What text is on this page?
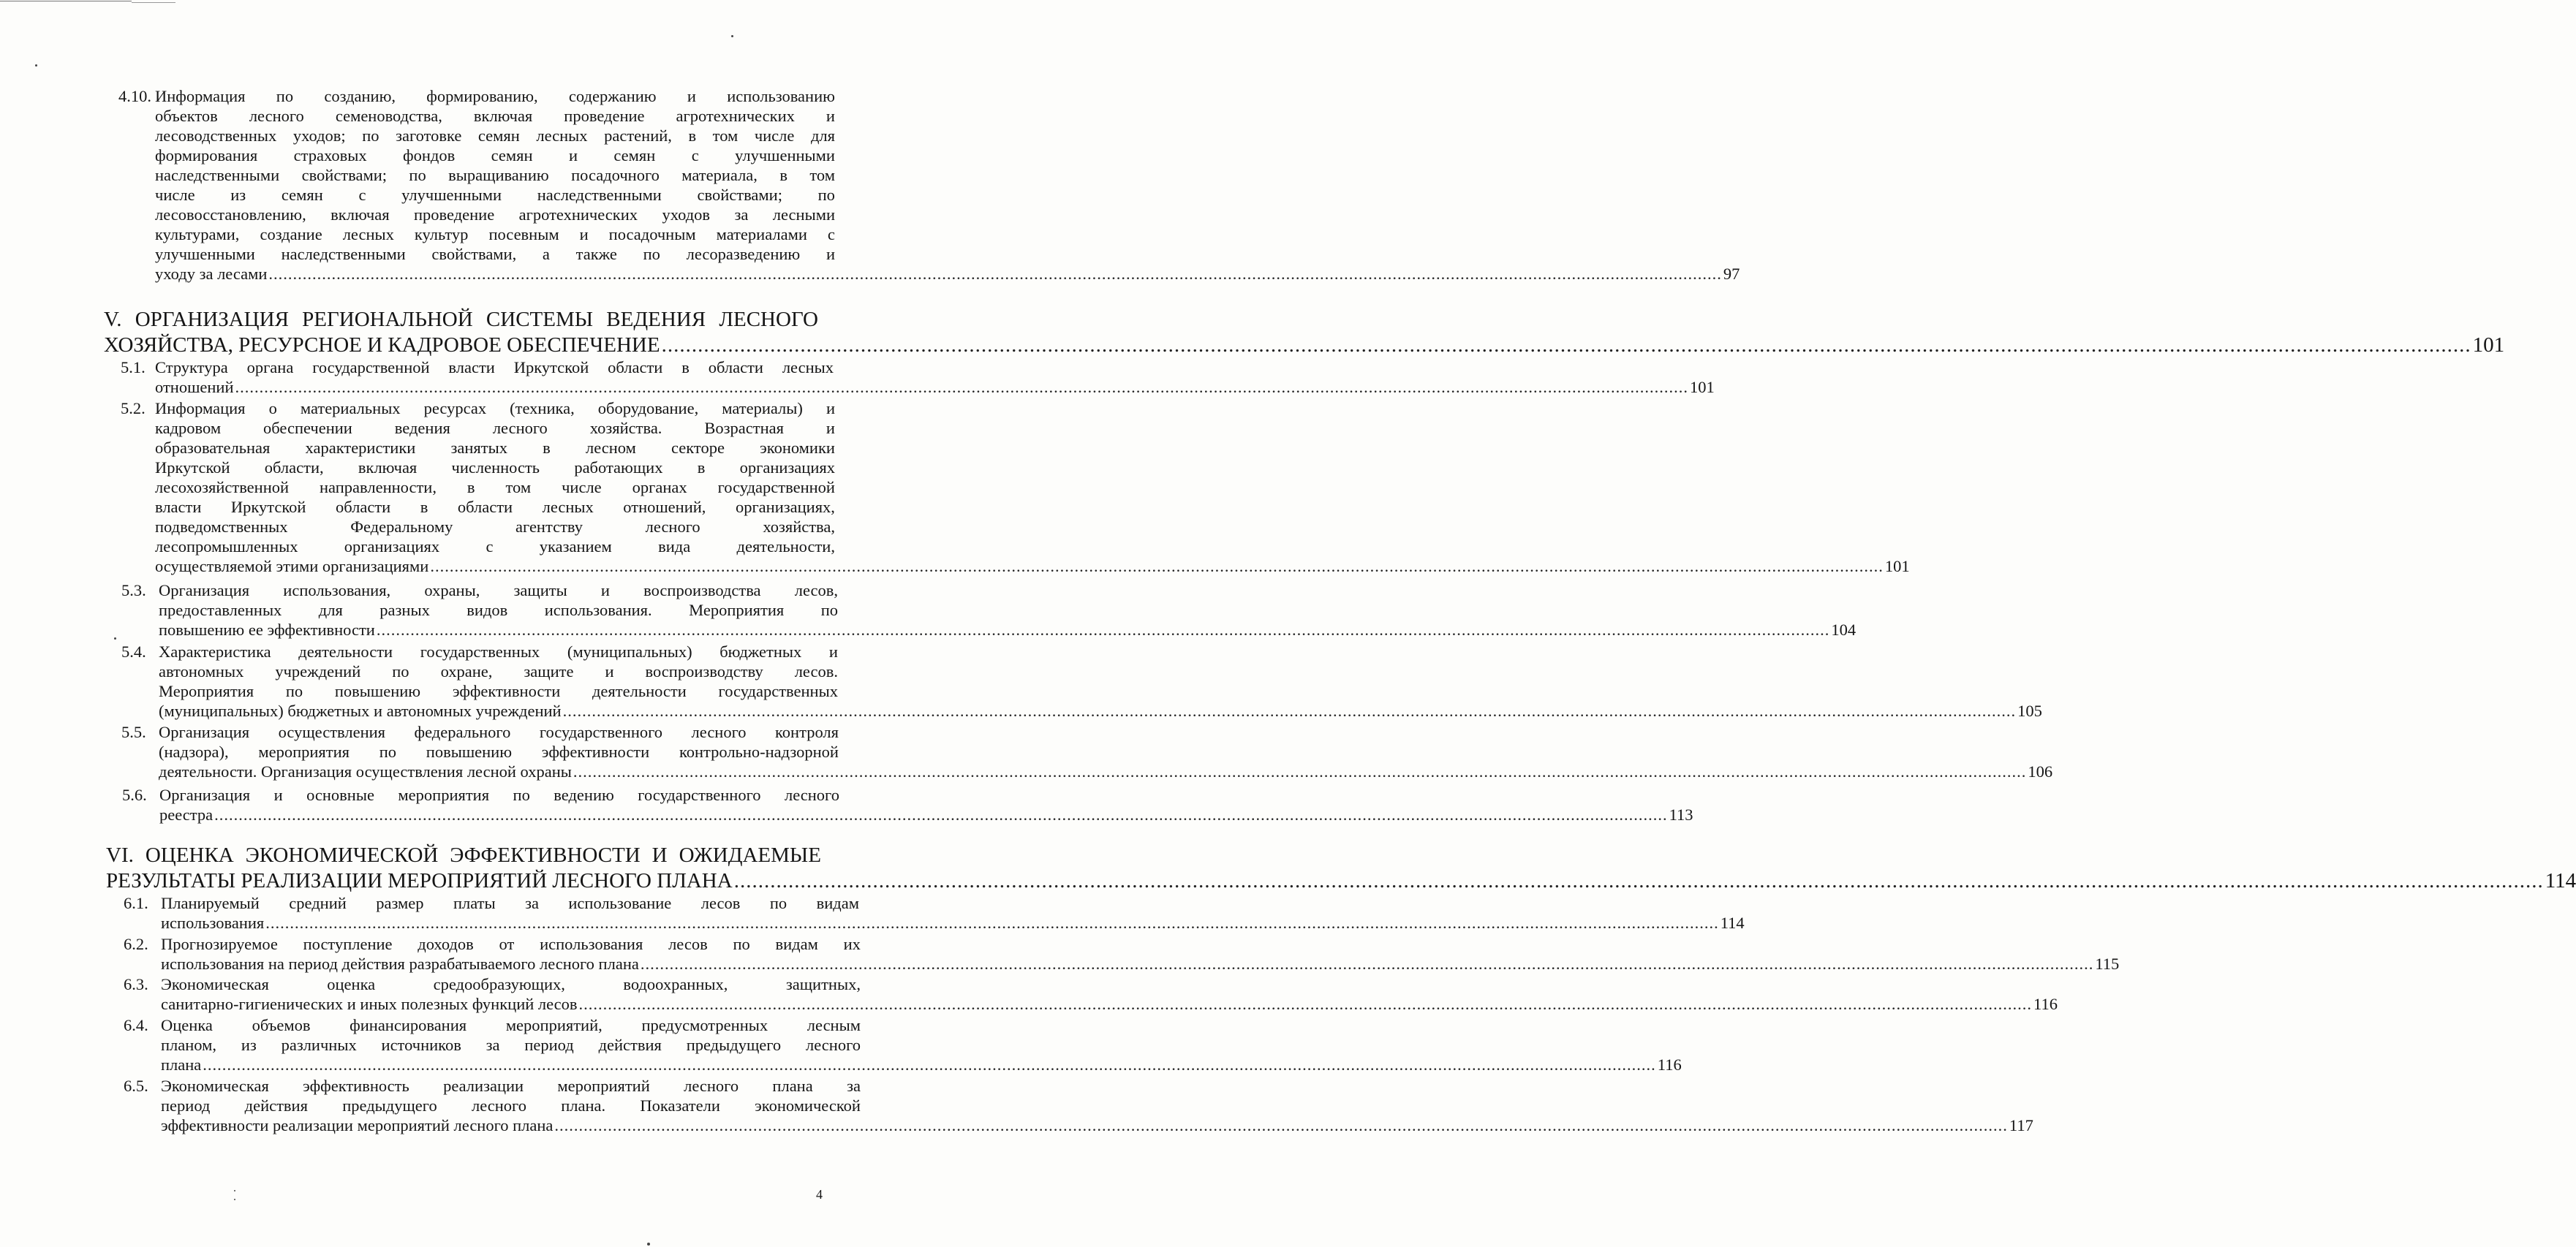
4.10. Информация по созданию, формированию, содержанию и использованию
объектов лесного семеноводства, включая проведение агротехнических и
лесоводственных уходов; по заготовке семян лесных растений, в том числе для
формирования страховых фондов семян и семян с улучшенными
наследственными свойствами; по выращиванию посадочного материала, в том
числе из семян с улучшенными наследственными свойствами; по
лесовосстановлению, включая проведение агротехнических уходов за лесными
культурами, создание лесных культур посевным и посадочным материалами с
улучшенными наследственными свойствами, а также по лесоразведению и
уходу за лесами ............................................................................................................................................................................................................................................................................................................ 97
V. ОРГАНИЗАЦИЯ РЕГИОНАЛЬНОЙ СИСТЕМЫ ВЕДЕНИЯ ЛЕСНОГО
ХОЗЯЙСТВА, РЕСУРСНОЕ И КАДРОВОЕ ОБЕСПЕЧЕНИЕ ............................................................................................................................................................................................................................................................................................................ 101
5.1. Структура органа государственной власти Иркутской области в области лесных
отношений ............................................................................................................................................................................................................................................................................................................ 101
5.2. Информация о материальных ресурсах (техника, оборудование, материалы) и
кадровом	обеспечении	ведения	лесного	хозяйства.	Возрастная	и
образовательная характеристики занятых в лесном секторе экономики
Иркутской области, включая численность работающих в организациях
лесохозяйственной направленности, в том числе органах государственной
власти Иркутской области в области лесных отношений, организациях,
подведомственных	Федеральному	агентству	лесного	хозяйства,
лесопромышленных	организациях	с	указанием	вида	деятельности,
осуществляемой этими организациями ............................................................................................................................................................................................................................................................................................................ 101
5.3. Организация использования, охраны, защиты и воспроизводства лесов,
предоставленных для разных видов использования. Мероприятия по
повышению ее эффективности ............................................................................................................................................................................................................................................................................................................ 104
5.4. Характеристика деятельности государственных (муниципальных) бюджетных и
автономных учреждений по охране, защите и воспроизводству лесов.
Мероприятия по повышению эффективности деятельности государственных
(муниципальных) бюджетных и автономных учреждений ............................................................................................................................................................................................................................................................................................................ 105
5.5. Организация осуществления федерального государственного лесного контроля
(надзора), мероприятия по повышению эффективности контрольно-надзорной
деятельности. Организация осуществления лесной охраны ............................................................................................................................................................................................................................................................................................................ 106
5.6. Организация и основные мероприятия по ведению государственного лесного
реестра ............................................................................................................................................................................................................................................................................................................ 113
VI. ОЦЕНКА ЭКОНОМИЧЕСКОЙ ЭФФЕКТИВНОСТИ И ОЖИДАЕМЫЕ
РЕЗУЛЬТАТЫ РЕАЛИЗАЦИИ МЕРОПРИЯТИЙ ЛЕСНОГО ПЛАНА ............................................................................................................................................................................................................................................................................................................ 114
6.1. Планируемый средний размер платы за использование лесов по видам
использования ............................................................................................................................................................................................................................................................................................................ 114
6.2. Прогнозируемое поступление доходов от использования лесов по видам их
использования на период действия разрабатываемого лесного плана ............................................................................................................................................................................................................................................................................................................ 115
6.3. Экономическая	оценка	средообразующих,	водоохранных,	защитных,
санитарно-гигиенических и иных полезных функций лесов ............................................................................................................................................................................................................................................................................................................ 116
6.4. Оценка объемов финансирования мероприятий, предусмотренных лесным
планом, из различных источников за период действия предыдущего лесного
плана ............................................................................................................................................................................................................................................................................................................ 116
6.5. Экономическая эффективность реализации мероприятий лесного плана за
период действия предыдущего лесного плана. Показатели экономической
эффективности реализации мероприятий лесного плана ............................................................................................................................................................................................................................................................................................................ 117
4
